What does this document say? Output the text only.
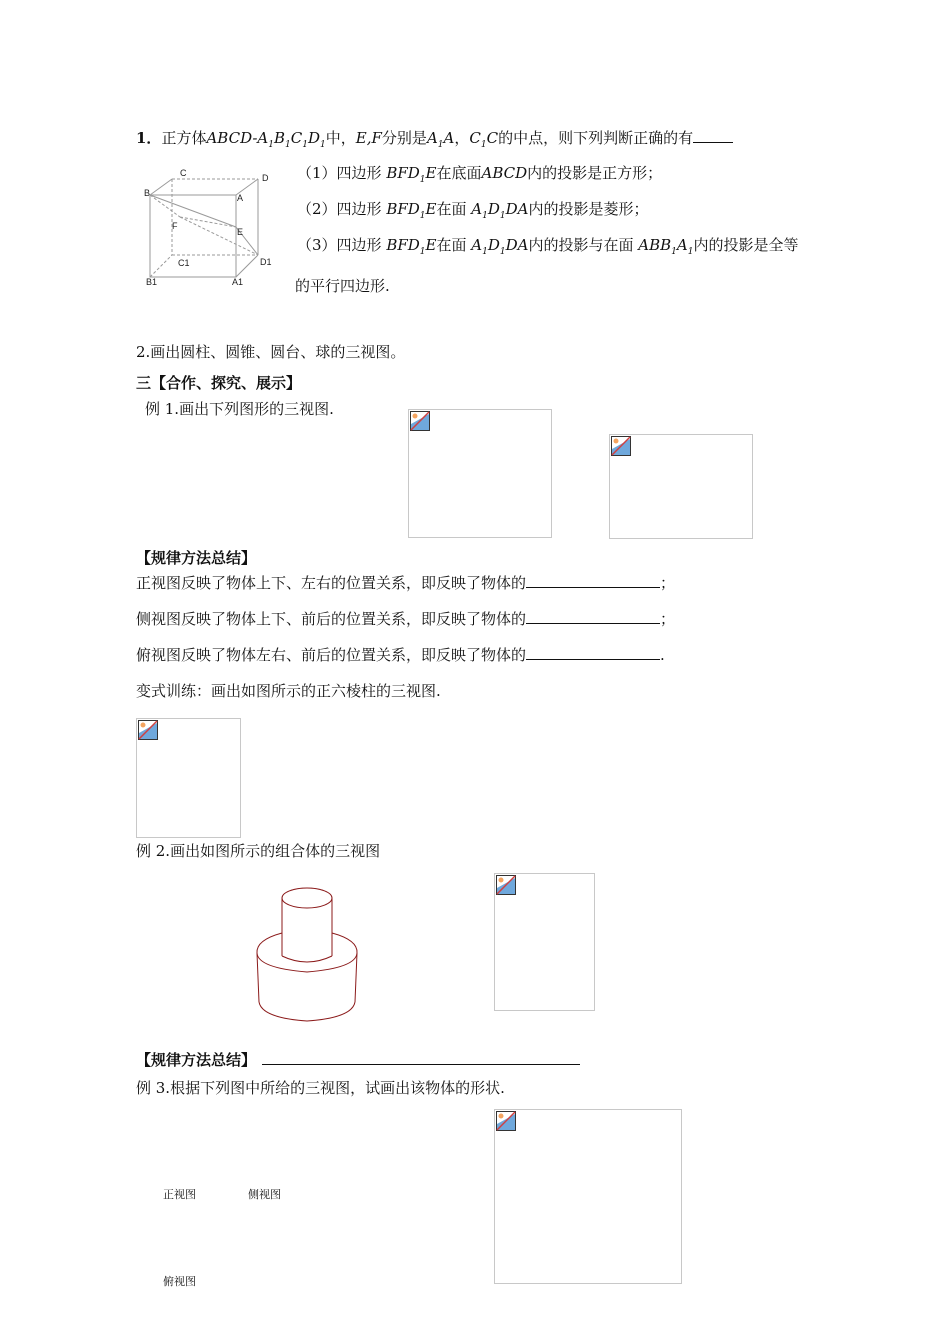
1．正方体ABCD-$A_1B_1C_1D_1$中，E,F分别是$A_1A$，$C_1C$的中点，则下列判断正确的有
C	D
B	A
F
E
C1	D1
B1	A1
（1）四边形 $BFD_1E$在底面ABCD内的投影是正方形；
（2）四边形 $BFD_1E$在面 $A_1D_1DA$内的投影是菱形；
（3）四边形 $BFD_1E$在面 $A_1D_1DA$内的投影与在面 $ABB_1A_1$内的投影是全等
的平行四边形.
2.画出圆柱、圆锥、圆台、球的三视图。
三【合作、探究、展示】
例 1.画出下列图形的三视图.
【规律方法总结】
正视图反映了物体上下、左右的位置关系，即反映了物体的	；
侧视图反映了物体上下、前后的位置关系，即反映了物体的	；
俯视图反映了物体左右、前后的位置关系，即反映了物体的	.
变式训练：画出如图所示的正六棱柱的三视图.
例 2.画出如图所示的组合体的三视图
【规律方法总结】
例 3.根据下列图中所给的三视图，试画出该物体的形状.
正视图	侧视图
俯视图
